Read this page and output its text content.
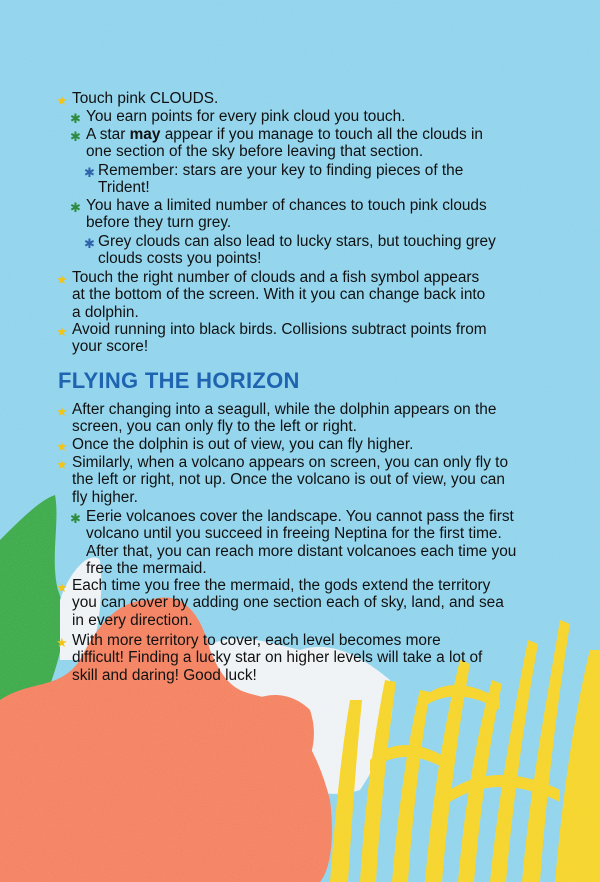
★ Touch pink CLOUDS.
✱ You earn points for every pink cloud you touch.
✱ A star may appear if you manage to touch all the clouds in
one section of the sky before leaving that section.
✱ Remember: stars are your key to finding pieces of the
Trident!
✱ You have a limited number of chances to touch pink clouds
before they turn grey.
✱ Grey clouds can also lead to lucky stars, but touching grey
clouds costs you points!
★ Touch the right number of clouds and a fish symbol appears
at the bottom of the screen. With it you can change back into
a dolphin.
★ Avoid running into black birds. Collisions subtract points from
your score!
FLYING THE HORIZON
★ After changing into a seagull, while the dolphin appears on the
screen, you can only fly to the left or right.
★ Once the dolphin is out of view, you can fly higher.
★ Similarly, when a volcano appears on screen, you can only fly to
the left or right, not up. Once the volcano is out of view, you can
fly higher.
✱ Eerie volcanoes cover the landscape. You cannot pass the first
volcano until you succeed in freeing Neptina for the first time.
After that, you can reach more distant volcanoes each time you
free the mermaid.
★ Each time you free the mermaid, the gods extend the territory
you can cover by adding one section each of sky, land, and sea
in every direction.
★ With more territory to cover, each level becomes more
difficult! Finding a lucky star on higher levels will take a lot of
skill and daring! Good luck!
